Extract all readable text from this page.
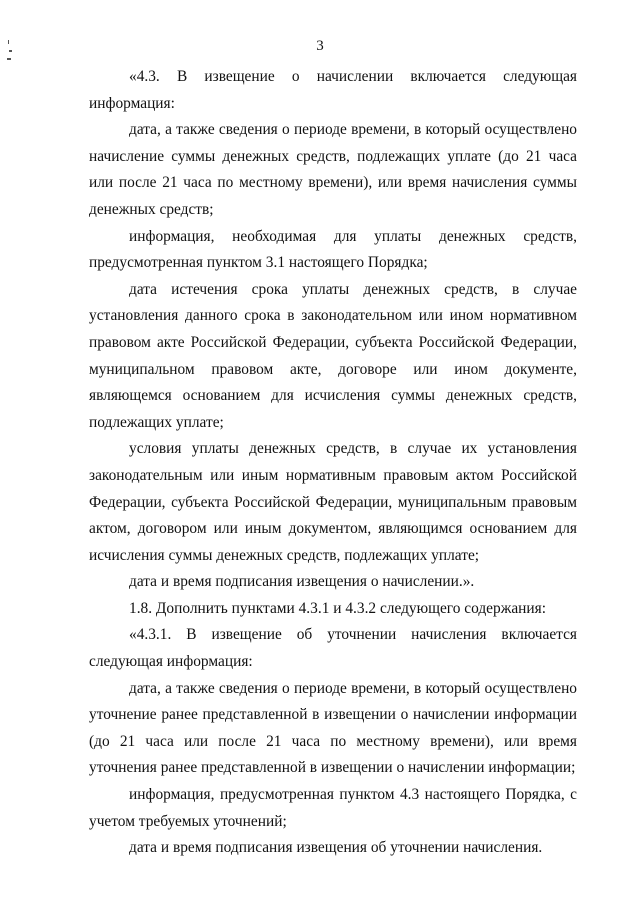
3

«4.3. В извещение о начислении включается следующая информация:

дата, а также сведения о периоде времени, в который осуществлено начисление суммы денежных средств, подлежащих уплате (до 21 часа или после 21 часа по местному времени), или время начисления суммы денежных средств;

информация, необходимая для уплаты денежных средств, предусмотренная пунктом 3.1 настоящего Порядка;

дата истечения срока уплаты денежных средств, в случае установления данного срока в законодательном или ином нормативном правовом акте Российской Федерации, субъекта Российской Федерации, муниципальном правовом акте, договоре или ином документе, являющемся основанием для исчисления суммы денежных средств, подлежащих уплате;

условия уплаты денежных средств, в случае их установления законодательным или иным нормативным правовым актом Российской Федерации, субъекта Российской Федерации, муниципальным правовым актом, договором или иным документом, являющимся основанием для исчисления суммы денежных средств, подлежащих уплате;

дата и время подписания извещения о начислении.».

1.8. Дополнить пунктами 4.3.1 и 4.3.2 следующего содержания:

«4.3.1. В извещение об уточнении начисления включается следующая информация:

дата, а также сведения о периоде времени, в который осуществлено уточнение ранее представленной в извещении о начислении информации (до 21 часа или после 21 часа по местному времени), или время уточнения ранее представленной в извещении о начислении информации;

информация, предусмотренная пунктом 4.3 настоящего Порядка, с учетом требуемых уточнений;

дата и время подписания извещения об уточнении начисления.
